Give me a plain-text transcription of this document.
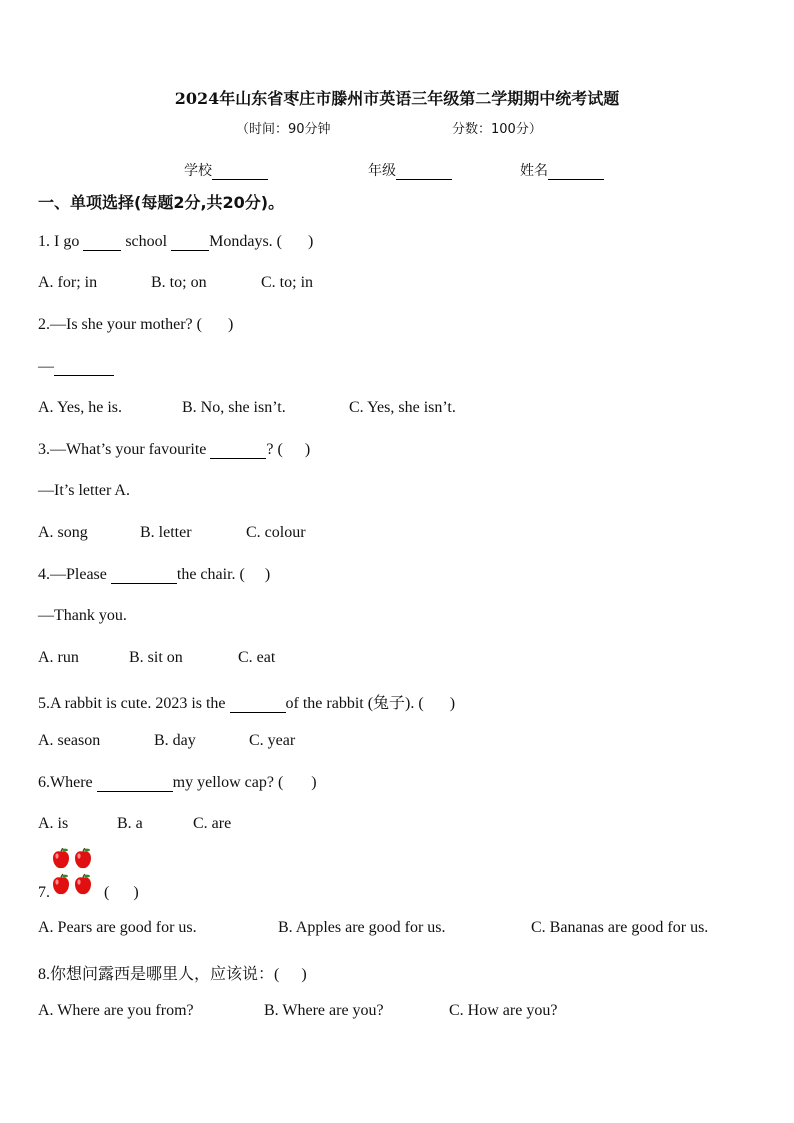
2024年山东省枣庄市滕州市英语三年级第二学期期中统考试题
（时间：90分钟	分数：100分）
学校	年级	姓名
一、单项选择(每题2分,共20分)。
1. I go	school	Mondays. ( )
A. for; in	B. to; on	C. to; in
2.—Is she your mother? ( )
—
A. Yes, he is.	B. No, she isn’t.	C. Yes, she isn’t.
3.—What’s your favourite	? ( )
—It’s letter A.
A. song	B. letter	C. colour
4.—Please	the chair. ( )
—Thank you.
A. run	B. sit on	C. eat
5.A rabbit is cute. 2023 is the	of the rabbit (兔子). ( )
A. season	B. day	C. year
6.Where	my yellow cap? ( )
A. is	B. a	C. are
7.	( )
A. Pears are good for us.	B. Apples are good for us.	C. Bananas are good for us.
8.你想问露西是哪里人，应该说：( )
A. Where are you from?	B. Where are you?	C. How are you?
